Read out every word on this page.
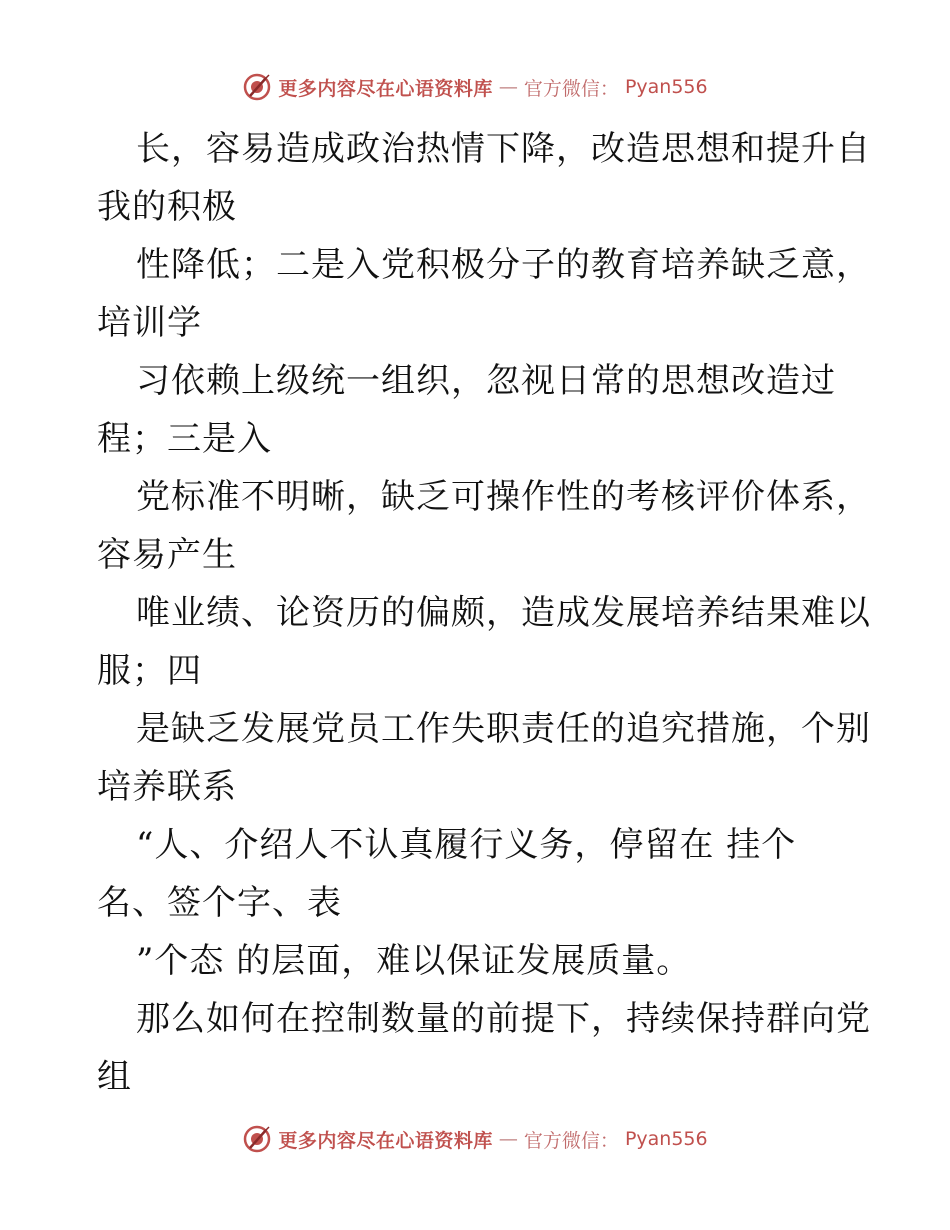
更多内容尽在心语资料库 — 官方微信： Pyan556
长，容易造成政治热情下降，改造思想和提升自
我的积极
性降低；二是入党积极分子的教育培养缺乏意，
培训学
习依赖上级统一组织，忽视日常的思想改造过
程；三是入
党标准不明晰，缺乏可操作性的考核评价体系，
容易产生
唯业绩、论资历的偏颇，造成发展培养结果难以
服；四
是缺乏发展党员工作失职责任的追究措施，个别
培养联系
“人、介绍人不认真履行义务，停留在 挂个
名、签个字、表
”个态 的层面，难以保证发展质量。
那么如何在控制数量的前提下，持续保持群向党
组
更多内容尽在心语资料库 — 官方微信： Pyan556
